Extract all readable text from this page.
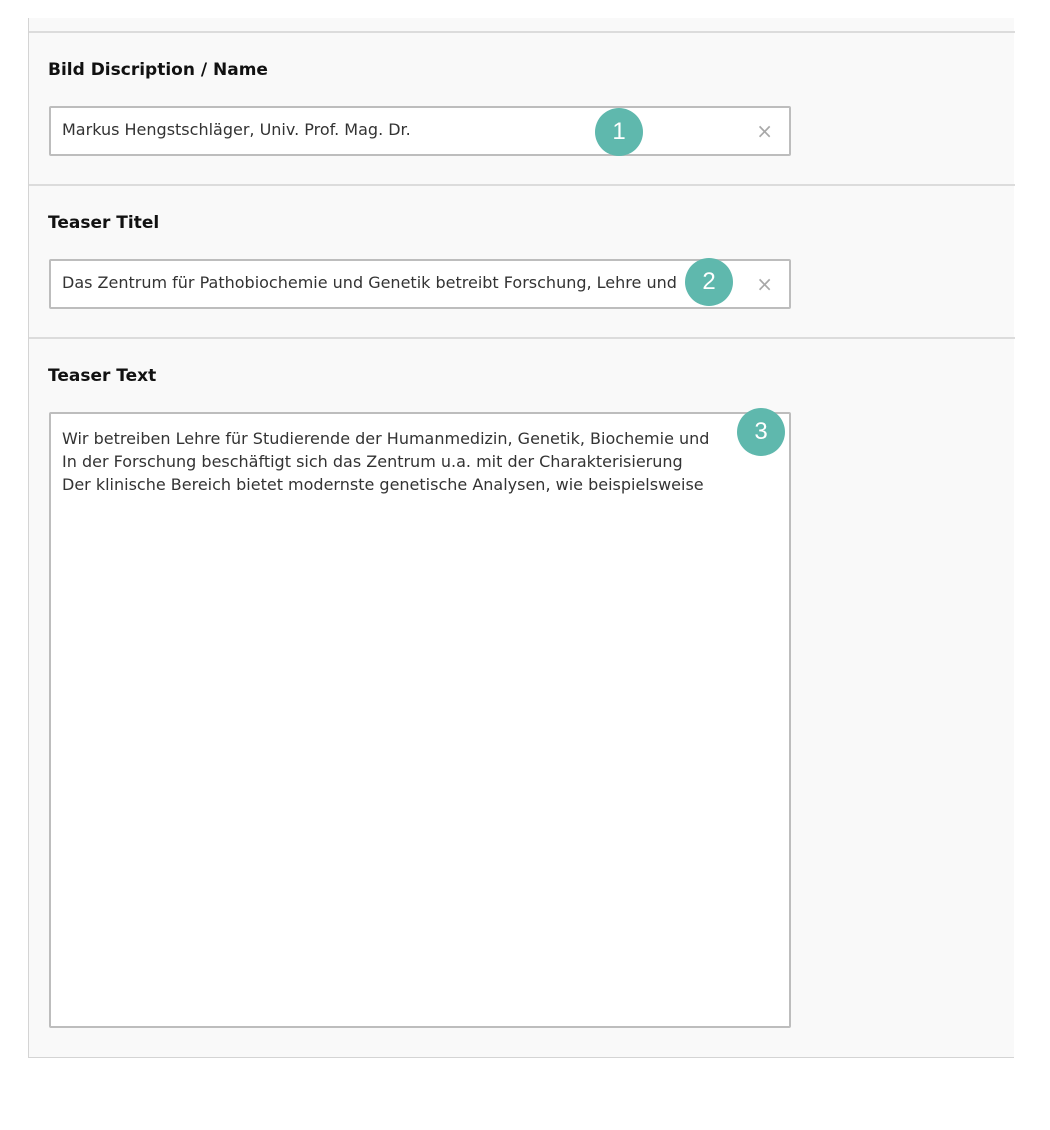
Bild Discription / Name
Markus Hengstschläger, Univ. Prof. Mag. Dr.	×
Teaser Titel
Das Zentrum für Pathobiochemie und Genetik betreibt Forschung, Lehre und	×
Teaser Text
Wir betreiben Lehre für Studierende der Humanmedizin, Genetik, Biochemie und
In der Forschung beschäftigt sich das Zentrum u.a. mit der Charakterisierung
Der klinische Bereich bietet modernste genetische Analysen, wie beispielsweise
1
2
3
